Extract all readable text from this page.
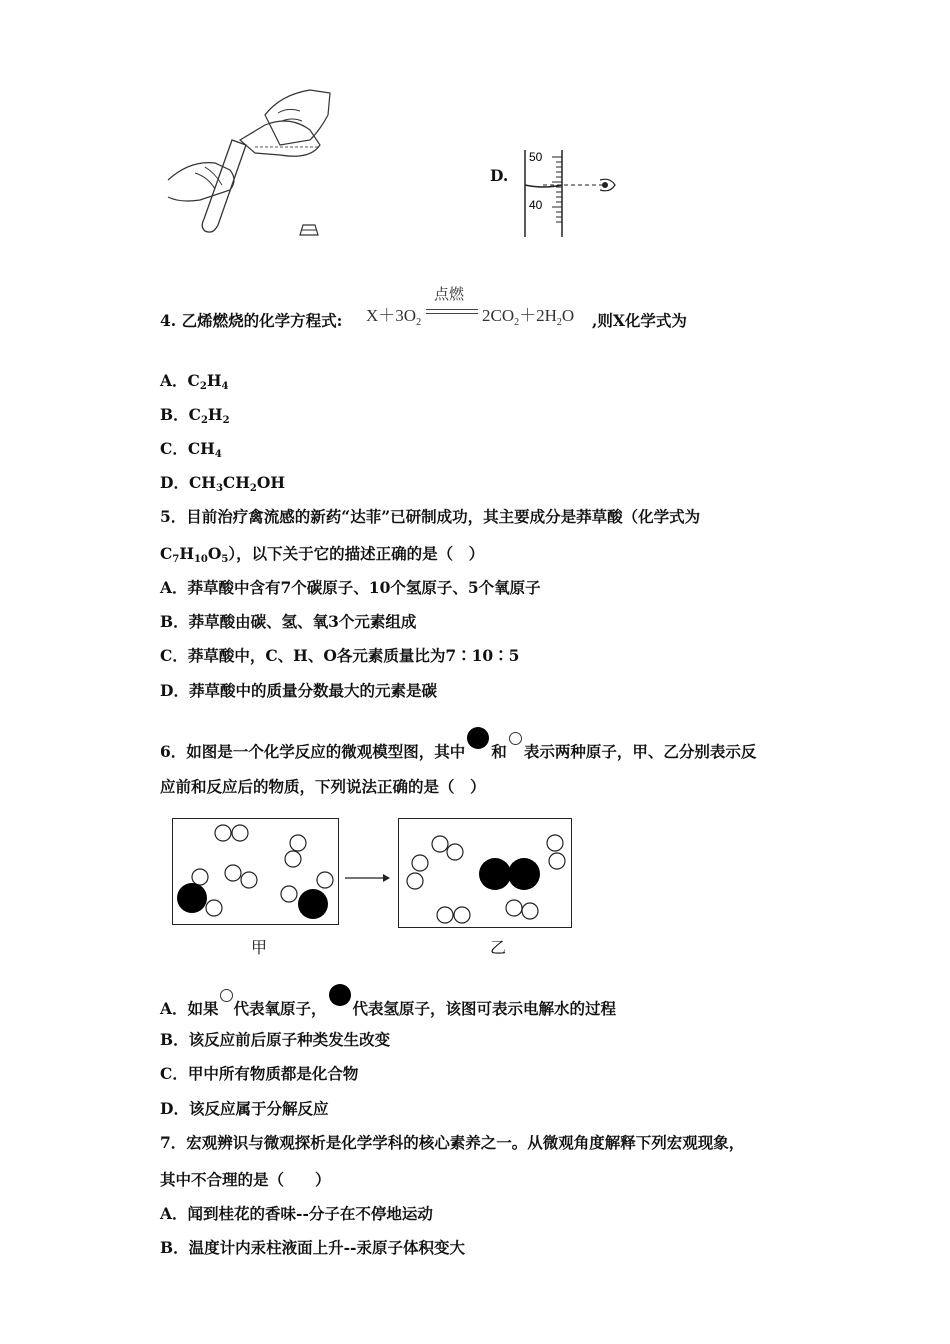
D.
50
40
4. 乙烯燃烧的化学方程式: $X+3O_2$
点燃
$2CO_2+2H_2O$ ,则X化学式为
A．$C_2H_4$
B．$C_2H_2$
C．$CH_4$
D．$CH_3CH_2OH$
5．目前治疗禽流感的新药“达菲”已研制成功，其主要成分是莽草酸（化学式为
$C_7H_{10}O_5$），以下关于它的描述正确的是（　）
A．莽草酸中含有7个碳原子、10个氢原子、5个氧原子
B．莽草酸由碳、氢、氧3个元素组成
C．莽草酸中，C、H、O各元素质量比为7∶10∶5
D．莽草酸中的质量分数最大的元素是碳
6．如图是一个化学反应的微观模型图，其中 和 表示两种原子，甲、乙分别表示反
应前和反应后的物质，下列说法正确的是（　）
甲	乙
A．如果 代表氧原子， 代表氢原子，该图可表示电解水的过程
B．该反应前后原子种类发生改变
C．甲中所有物质都是化合物
D．该反应属于分解反应
7．宏观辨识与微观探析是化学学科的核心素养之一。从微观角度解释下列宏观现象，
其中不合理的是（　　）
A．闻到桂花的香味--分子在不停地运动
B．温度计内汞柱液面上升--汞原子体积变大
